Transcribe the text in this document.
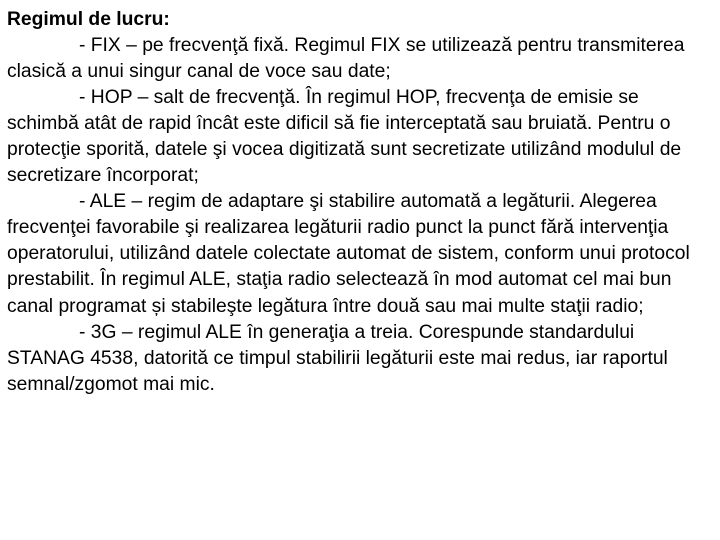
Regimul de lucru:

- FIX – pe frecvenţă fixă. Regimul FIX se utilizează pentru transmiterea clasică a unui singur canal de voce sau date;

- HOP – salt de frecvenţă. În regimul HOP, frecvenţa de emisie se schimbă atât de rapid încât este dificil să fie interceptată sau bruiată. Pentru o protecţie sporită, datele şi vocea digitizată sunt secretizate utilizând modulul de secretizare încorporat;

- ALE – regim de adaptare şi stabilire automată a legăturii. Alegerea frecvenţei favorabile şi realizarea legăturii radio punct la punct fără intervenţia operatorului, utilizând datele colectate automat de sistem, conform unui protocol prestabilit. În regimul ALE, staţia radio selectează în mod automat cel mai bun canal programat și stabileşte legătura între două sau mai multe staţii radio;

- 3G – regimul ALE în generaţia a treia. Corespunde standardului STANAG 4538, datorită ce timpul stabilirii legăturii este mai redus, iar raportul semnal/zgomot mai mic.
